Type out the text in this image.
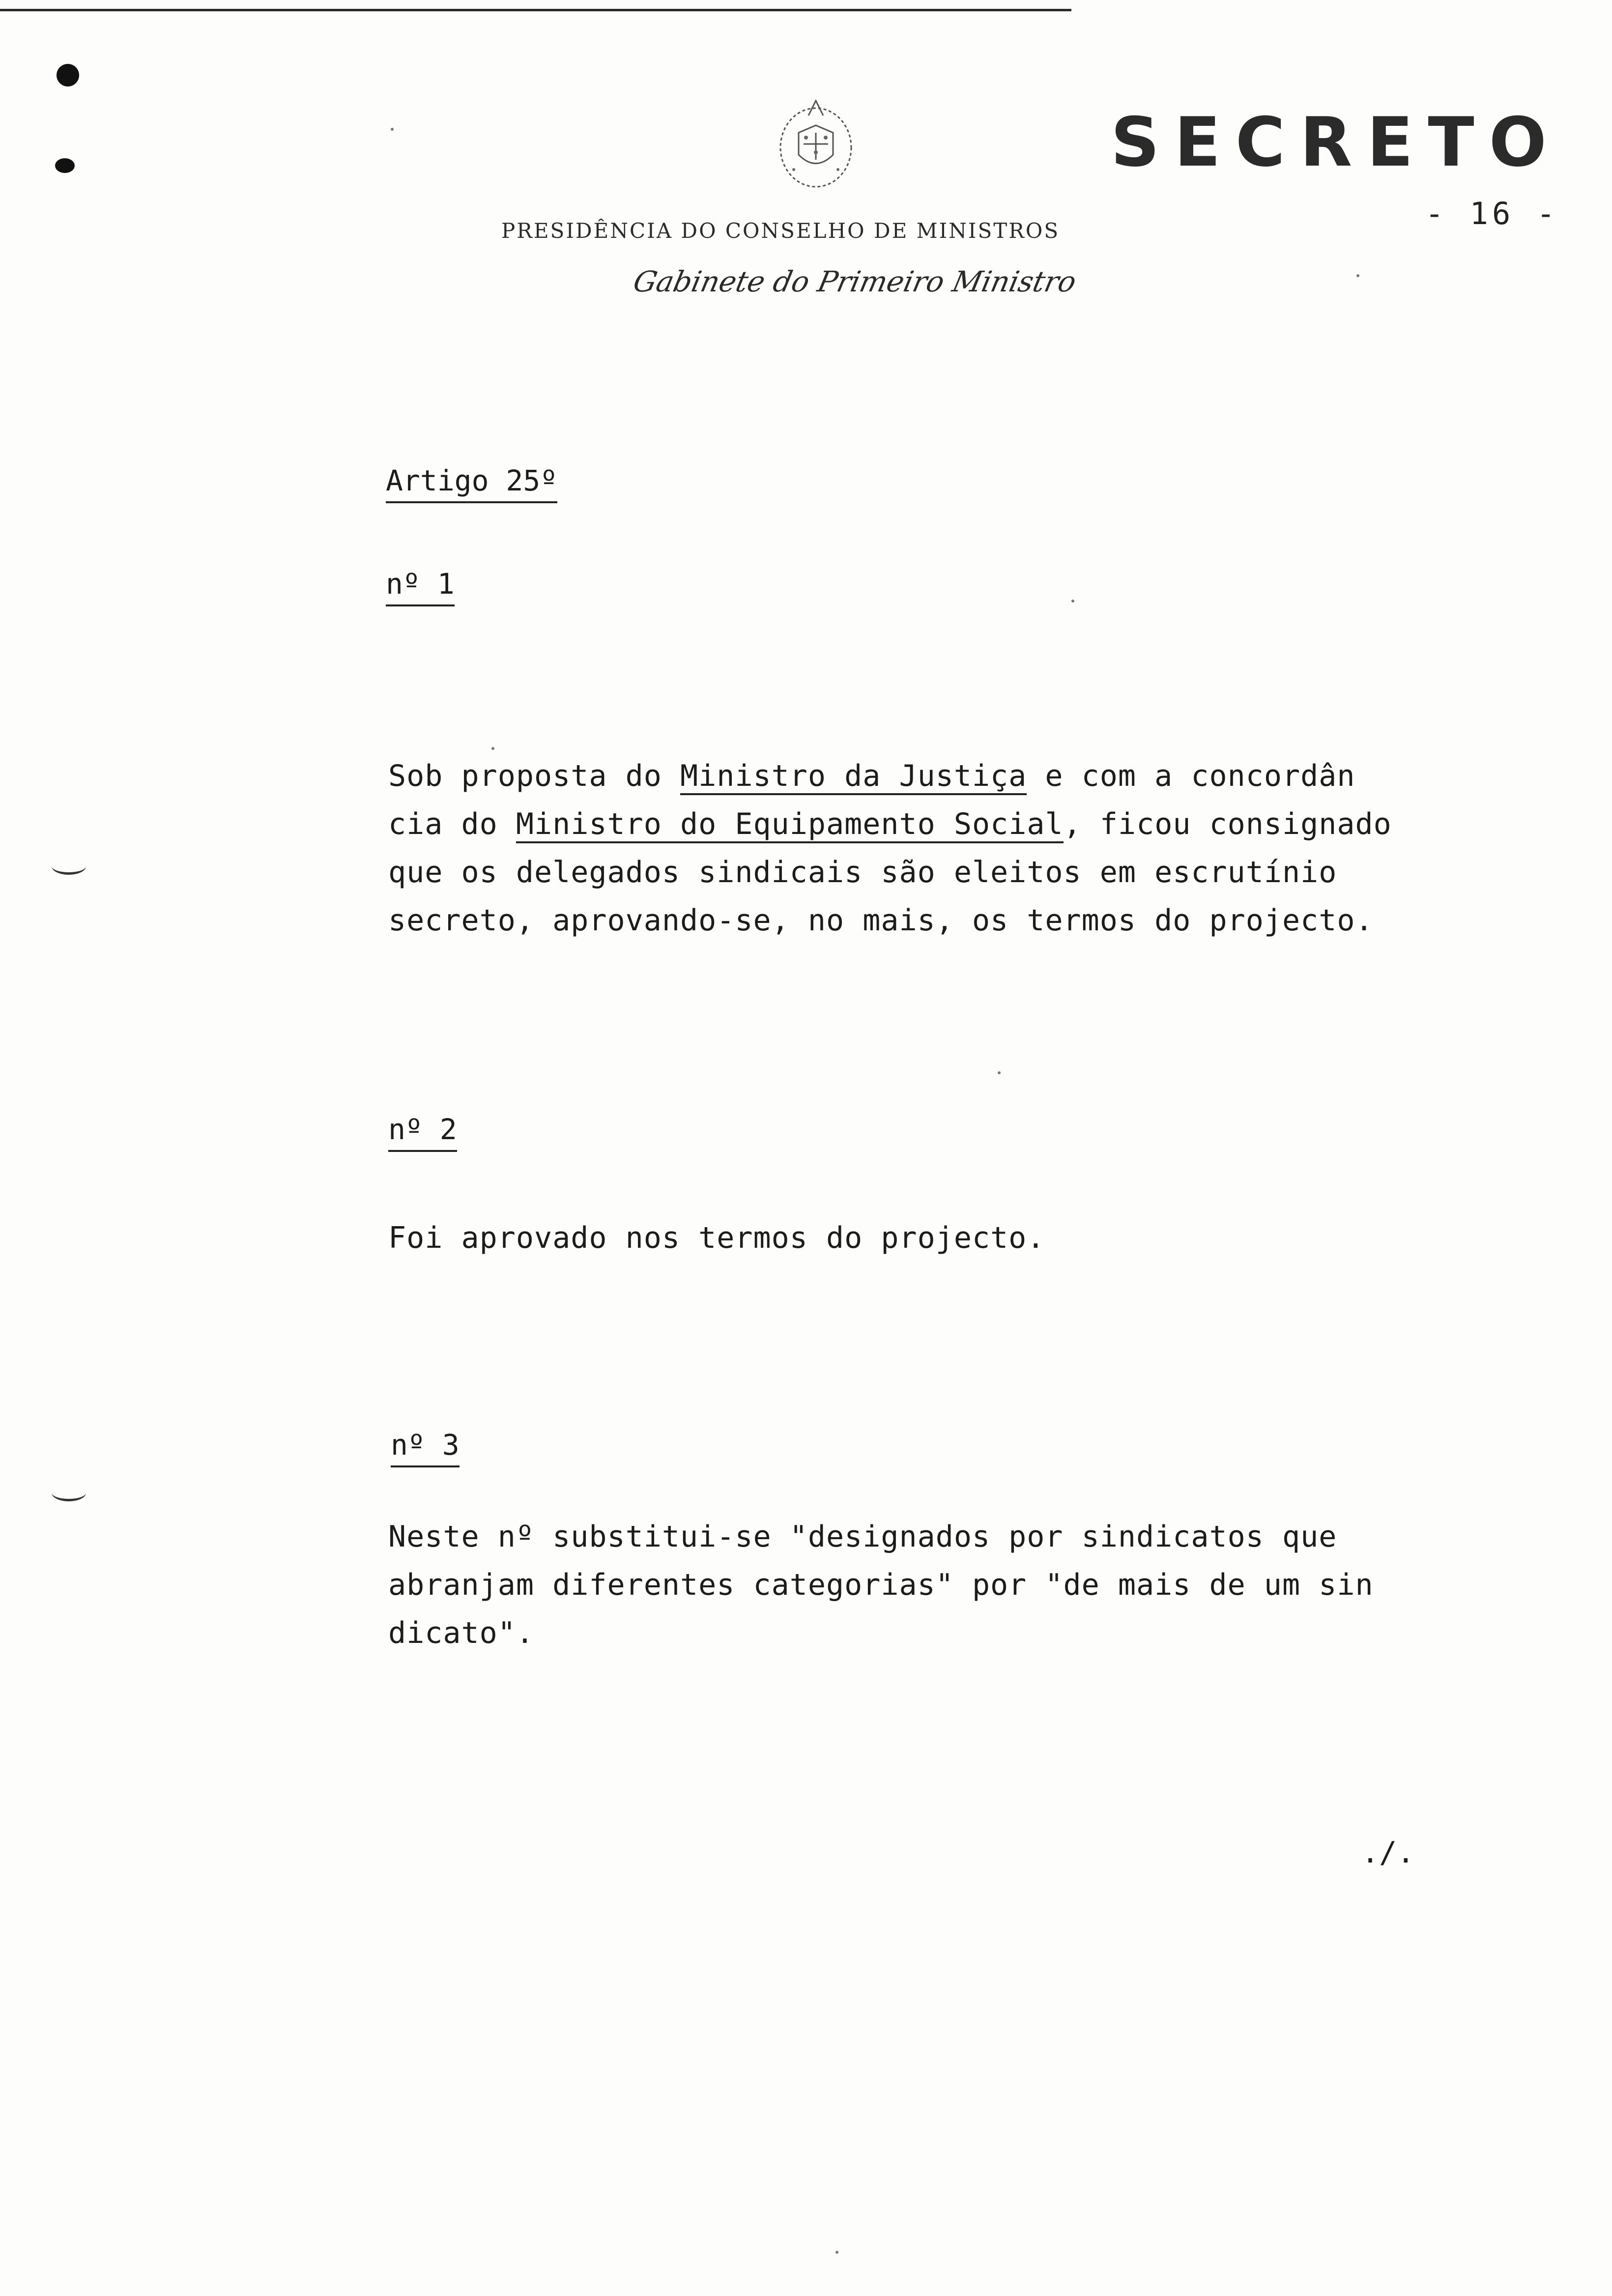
SECRETO
- 16 -
PRESIDÊNCIA DO CONSELHO DE MINISTROS
Gabinete do Primeiro Ministro
Artigo 25º
nº 1

Sob proposta do Ministro da Justiça e com a concordân
cia do Ministro do Equipamento Social, ficou consignado
que os delegados sindicais são eleitos em escrutínio
secreto, aprovando-se, no mais, os termos do projecto.

nº 2

Foi aprovado nos termos do projecto.

nº 3

Neste nº substitui-se "designados por sindicatos que
abranjam diferentes categorias" por "de mais de um sin
dicato".

./.
